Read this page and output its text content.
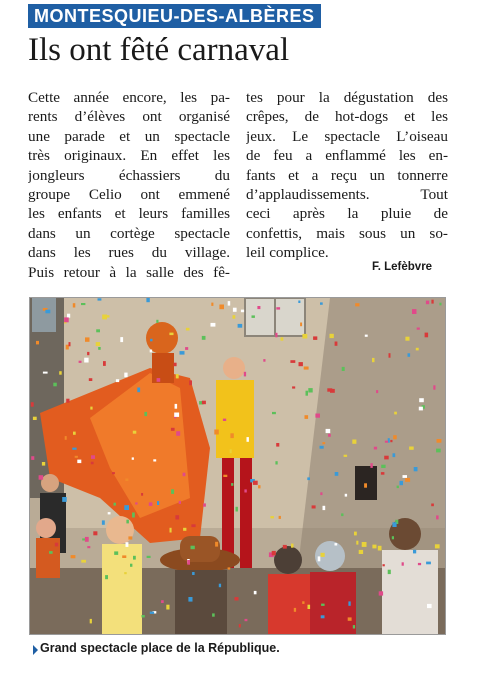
MONTESQUIEU-DES-ALBÈRES
Ils ont fêté carnaval
Cette année encore, les pa-
rents d’élèves ont organisé
une parade et un spectacle
très originaux. En effet les
jongleurs échassiers du
groupe Celio ont emmené
les enfants et leurs familles
dans un cortège spectacle
dans les rues du village.
Puis retour à la salle des fê-
tes pour la dégustation des
crêpes, de hot-dogs et les
jeux. Le spectacle L’oiseau
de feu a enflammé les en-
fants et a reçu un tonnerre
d’applaudissements. Tout
ceci après la pluie de
confettis, mais sous un so-
leil complice.
F. Lefèbvre
Grand spectacle place de la République.
